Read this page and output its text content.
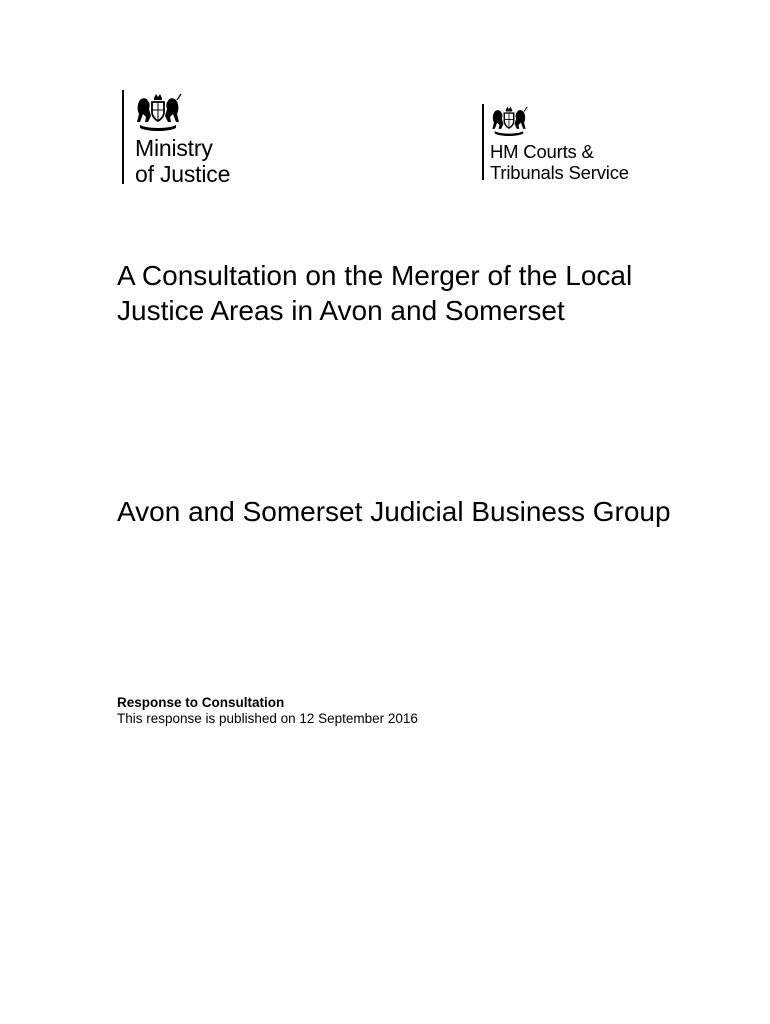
Ministry
of Justice
HM Courts &
Tribunals Service
A Consultation on the Merger of the Local Justice Areas in Avon and Somerset
Avon and Somerset Judicial Business Group
Response to Consultation
This response is published on 12 September 2016
